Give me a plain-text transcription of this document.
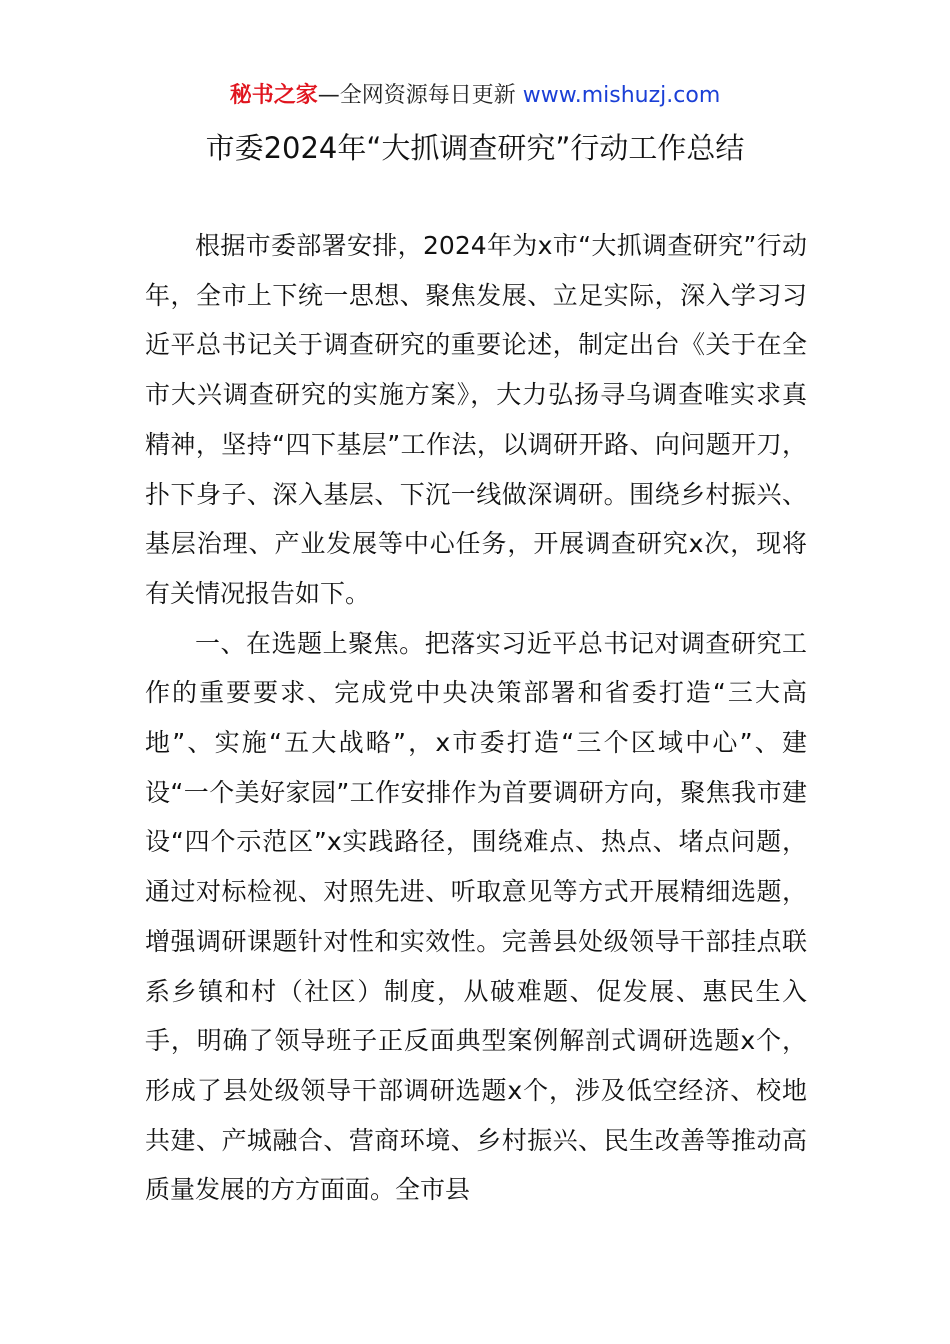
秘书之家—全网资源每日更新 www.mishuzj.com
市委2024年“大抓调查研究”行动工作总结

根据市委部署安排，2024年为x市“大抓调查研究”行动年，全市上下统一思想、聚焦发展、立足实际，深入学习习近平总书记关于调查研究的重要论述，制定出台《关于在全市大兴调查研究的实施方案》，大力弘扬寻乌调查唯实求真精神，坚持“四下基层”工作法，以调研开路、向问题开刀，扑下身子、深入基层、下沉一线做深调研。围绕乡村振兴、基层治理、产业发展等中心任务，开展调查研究x次，现将有关情况报告如下。

一、在选题上聚焦。把落实习近平总书记对调查研究工作的重要要求、完成党中央决策部署和省委打造“三大高地”、实施“五大战略”，x市委打造“三个区域中心”、建设“一个美好家园”工作安排作为首要调研方向，聚焦我市建设“四个示范区”x实践路径，围绕难点、热点、堵点问题，通过对标检视、对照先进、听取意见等方式开展精细选题，增强调研课题针对性和实效性。完善县处级领导干部挂点联系乡镇和村（社区）制度，从破难题、促发展、惠民生入手，明确了领导班子正反面典型案例解剖式调研选题x个，形成了县处级领导干部调研选题x个，涉及低空经济、校地共建、产城融合、营商环境、乡村振兴、民生改善等推动高质量发展的方方面面。全市县
